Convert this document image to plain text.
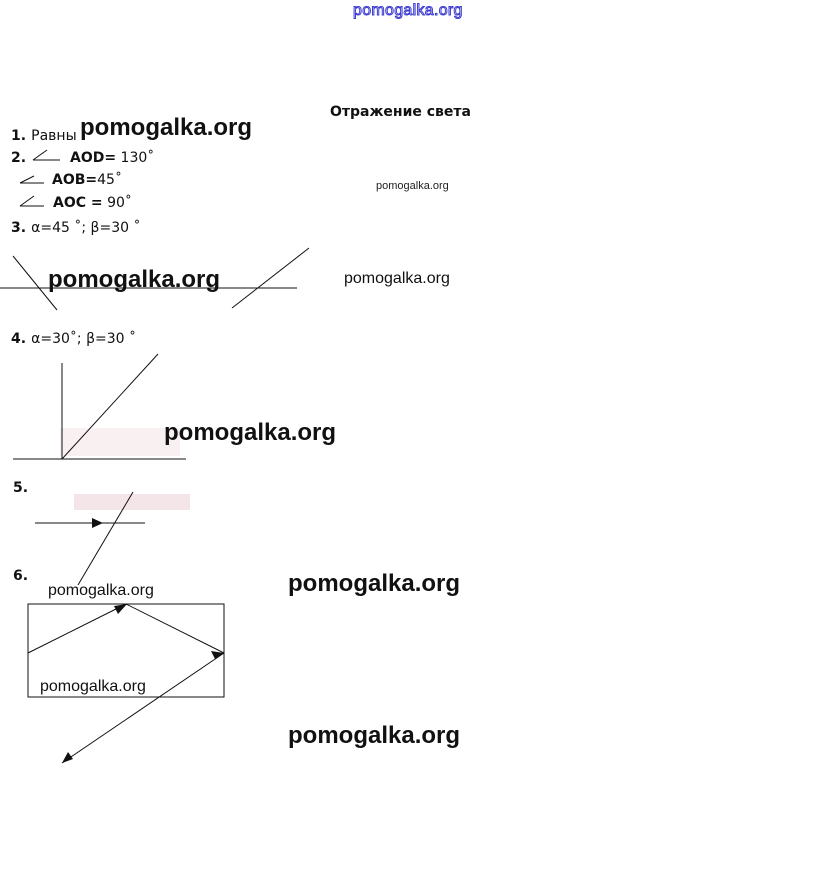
pomogalka.org
Отражение света
1. Равны pomogalka.org
2.	AOD= 130˚
AOB=45˚
AOC = 90˚
pomogalka.org
3. α=45 ˚; β=30 ˚
pomogalka.org	pomogalka.org
4. α=30˚; β=30 ˚
pomogalka.org
5.
6.
pomogalka.org	pomogalka.org
pomogalka.org
pomogalka.org
